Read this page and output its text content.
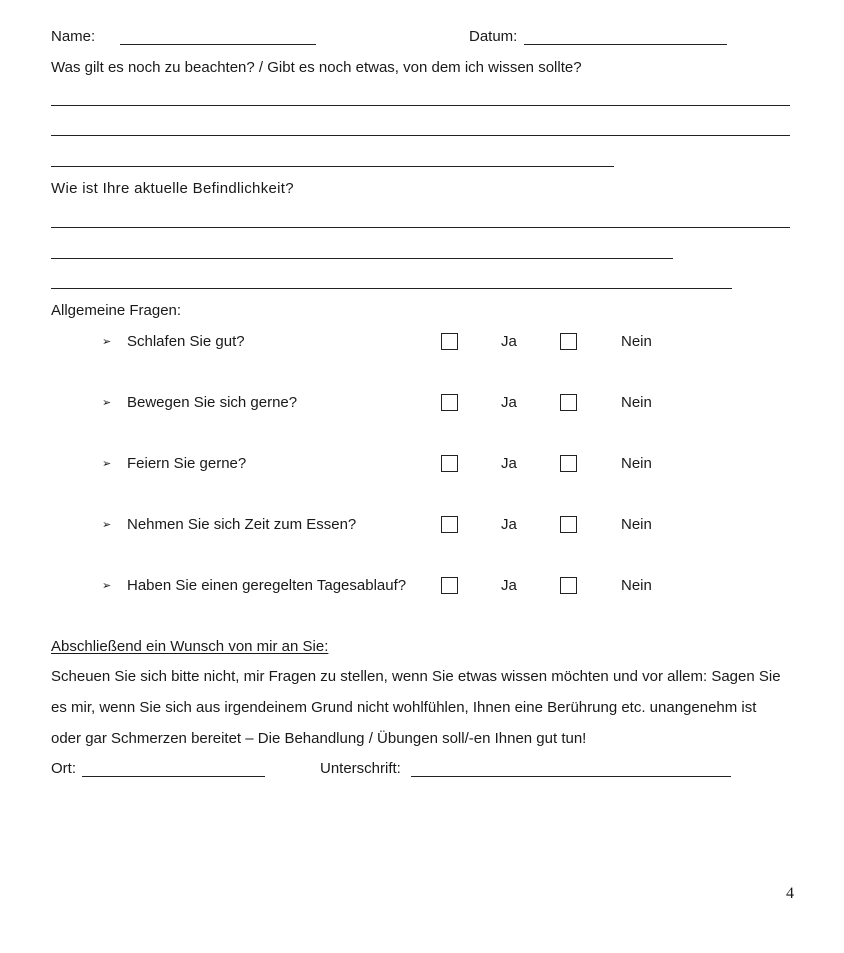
Name:	Datum:
Was gilt es noch zu beachten? / Gibt es noch etwas, von dem ich wissen sollte?
Wie ist Ihre aktuelle Befindlichkeit?
Allgemeine Fragen:
➢ Schlafen Sie gut?	Ja	Nein
➢ Bewegen Sie sich gerne?	Ja	Nein
➢ Feiern Sie gerne?	Ja	Nein
➢ Nehmen Sie sich Zeit zum Essen?	Ja	Nein
➢ Haben Sie einen geregelten Tagesablauf?	Ja	Nein
Abschließend ein Wunsch von mir an Sie:
Scheuen Sie sich bitte nicht, mir Fragen zu stellen, wenn Sie etwas wissen möchten und vor allem: Sagen Sie
es mir, wenn Sie sich aus irgendeinem Grund nicht wohlfühlen, Ihnen eine Berührung etc. unangenehm ist
oder gar Schmerzen bereitet – Die Behandlung / Übungen soll/-en Ihnen gut tun!
Ort:	Unterschrift:
4
